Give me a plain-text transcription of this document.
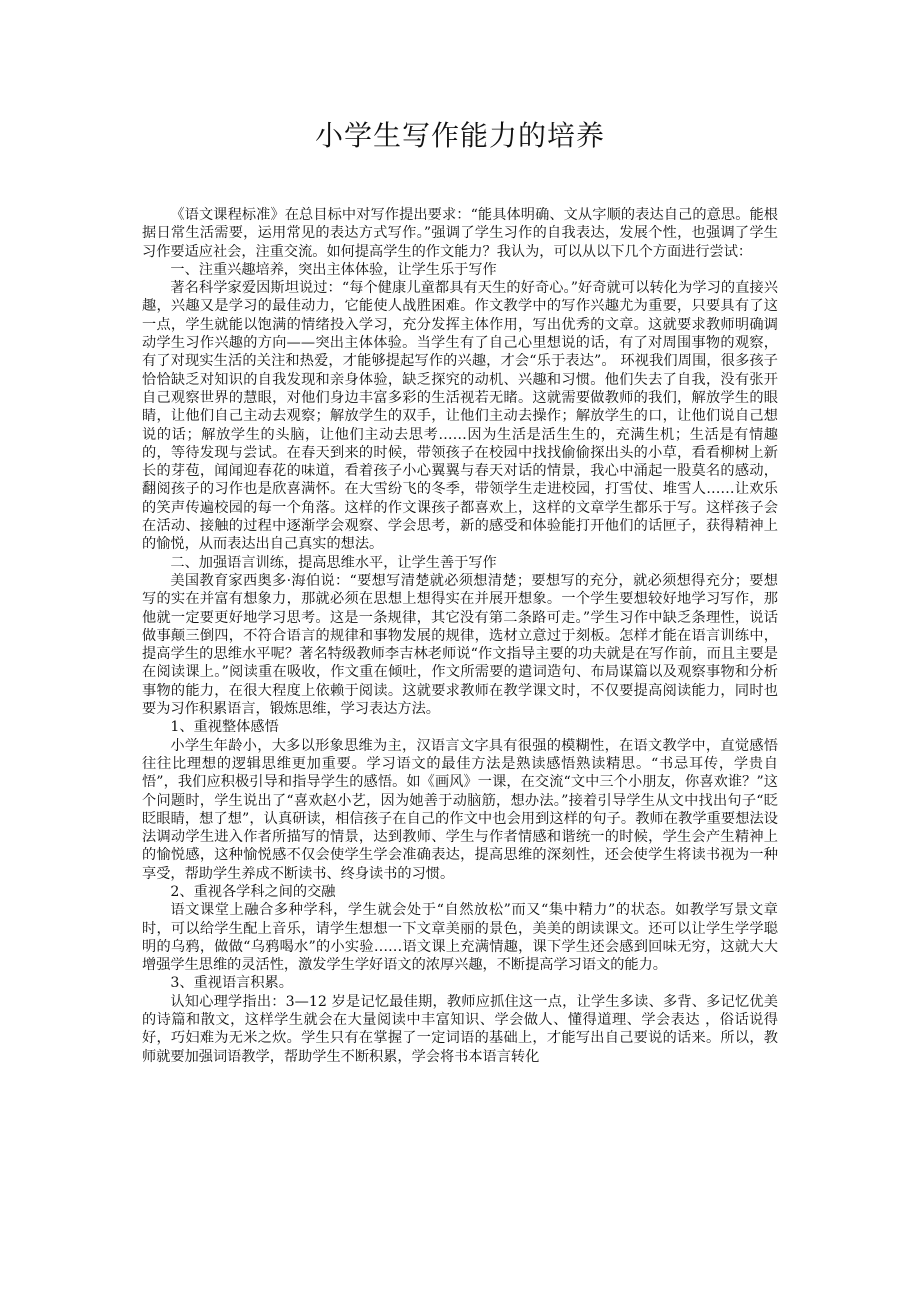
小学生写作能力的培养

《语文课程标准》在总目标中对写作提出要求：“能具体明确、文从字顺的表达自己的意思。能根据日常生活需要，运用常见的表达方式写作。”强调了学生习作的自我表达，发展个性，也强调了学生习作要适应社会，注重交流。如何提高学生的作文能力？我认为，可以从以下几个方面进行尝试：

一、注重兴趣培养，突出主体体验，让学生乐于写作

著名科学家爱因斯坦说过：“每个健康儿童都具有天生的好奇心。”好奇就可以转化为学习的直接兴趣，兴趣又是学习的最佳动力，它能使人战胜困难。作文教学中的写作兴趣尤为重要，只要具有了这一点，学生就能以饱满的情绪投入学习，充分发挥主体作用，写出优秀的文章。这就要求教师明确调动学生习作兴趣的方向——突出主体体验。当学生有了自己心里想说的话，有了对周围事物的观察，有了对现实生活的关注和热爱，才能够提起写作的兴趣，才会“乐于表达”。 环视我们周围，很多孩子恰恰缺乏对知识的自我发现和亲身体验，缺乏探究的动机、兴趣和习惯。他们失去了自我，没有张开自己观察世界的慧眼，对他们身边丰富多彩的生活视若无睹。这就需要做教师的我们，解放学生的眼睛，让他们自己主动去观察；解放学生的双手，让他们主动去操作；解放学生的口，让他们说自己想说的话；解放学生的头脑，让他们主动去思考……因为生活是活生生的，充满生机；生活是有情趣的，等待发现与尝试。在春天到来的时候，带领孩子在校园中找找偷偷探出头的小草，看看柳树上新长的芽苞，闻闻迎春花的味道，看着孩子小心翼翼与春天对话的情景，我心中涌起一股莫名的感动，翻阅孩子的习作也是欣喜满怀。在大雪纷飞的冬季，带领学生走进校园，打雪仗、堆雪人……让欢乐的笑声传遍校园的每一个角落。这样的作文课孩子都喜欢上，这样的文章学生都乐于写。这样孩子会在活动、接触的过程中逐渐学会观察、学会思考，新的感受和体验能打开他们的话匣子，获得精神上的愉悦，从而表达出自己真实的想法。

二、加强语言训练，提高思维水平，让学生善于写作

美国教育家西奥多·海伯说：“要想写清楚就必须想清楚；要想写的充分，就必须想得充分；要想写的实在并富有想象力，那就必须在思想上想得实在并展开想象。一个学生要想较好地学习写作，那他就一定要更好地学习思考。这是一条规律，其它没有第二条路可走。”学生习作中缺乏条理性，说话做事颠三倒四，不符合语言的规律和事物发展的规律，选材立意过于刻板。怎样才能在语言训练中，提高学生的思维水平呢？著名特级教师李吉林老师说“作文指导主要的功夫就是在写作前，而且主要是在阅读课上。”阅读重在吸收，作文重在倾吐，作文所需要的遣词造句、布局谋篇以及观察事物和分析事物的能力，在很大程度上依赖于阅读。这就要求教师在教学课文时，不仅要提高阅读能力，同时也要为习作积累语言，锻炼思维，学习表达方法。

1、重视整体感悟

小学生年龄小，大多以形象思维为主，汉语言文字具有很强的模糊性，在语文教学中，直觉感悟往往比理想的逻辑思维更加重要。学习语文的最佳方法是熟读感悟熟读精思。“书忌耳传，学贵自悟”，我们应积极引导和指导学生的感悟。如《画风》一课，在交流“文中三个小朋友，你喜欢谁？”这个问题时，学生说出了“喜欢赵小艺，因为她善于动脑筋，想办法。”接着引导学生从文中找出句子“眨眨眼睛，想了想”，认真研读，相信孩子在自己的作文中也会用到这样的句子。教师在教学重要想法设法调动学生进入作者所描写的情景，达到教师、学生与作者情感和谐统一的时候，学生会产生精神上的愉悦感，这种愉悦感不仅会使学生学会准确表达，提高思维的深刻性，还会使学生将读书视为一种享受，帮助学生养成不断读书、终身读书的习惯。

2、重视各学科之间的交融

语文课堂上融合多种学科，学生就会处于“自然放松”而又“集中精力”的状态。如教学写景文章时，可以给学生配上音乐，请学生想想一下文章美丽的景色，美美的朗读课文。还可以让学生学学聪明的乌鸦，做做“乌鸦喝水”的小实验……语文课上充满情趣，课下学生还会感到回味无穷，这就大大增强学生思维的灵活性，激发学生学好语文的浓厚兴趣，不断提高学习语文的能力。

3、重视语言积累。

认知心理学指出：3—12 岁是记忆最佳期，教师应抓住这一点，让学生多读、多背、多记忆优美的诗篇和散文，这样学生就会在大量阅读中丰富知识、学会做人、懂得道理、学会表达 ，俗话说得好，巧妇难为无米之炊。学生只有在掌握了一定词语的基础上，才能写出自己要说的话来。所以，教师就要加强词语教学，帮助学生不断积累，学会将书本语言转化
